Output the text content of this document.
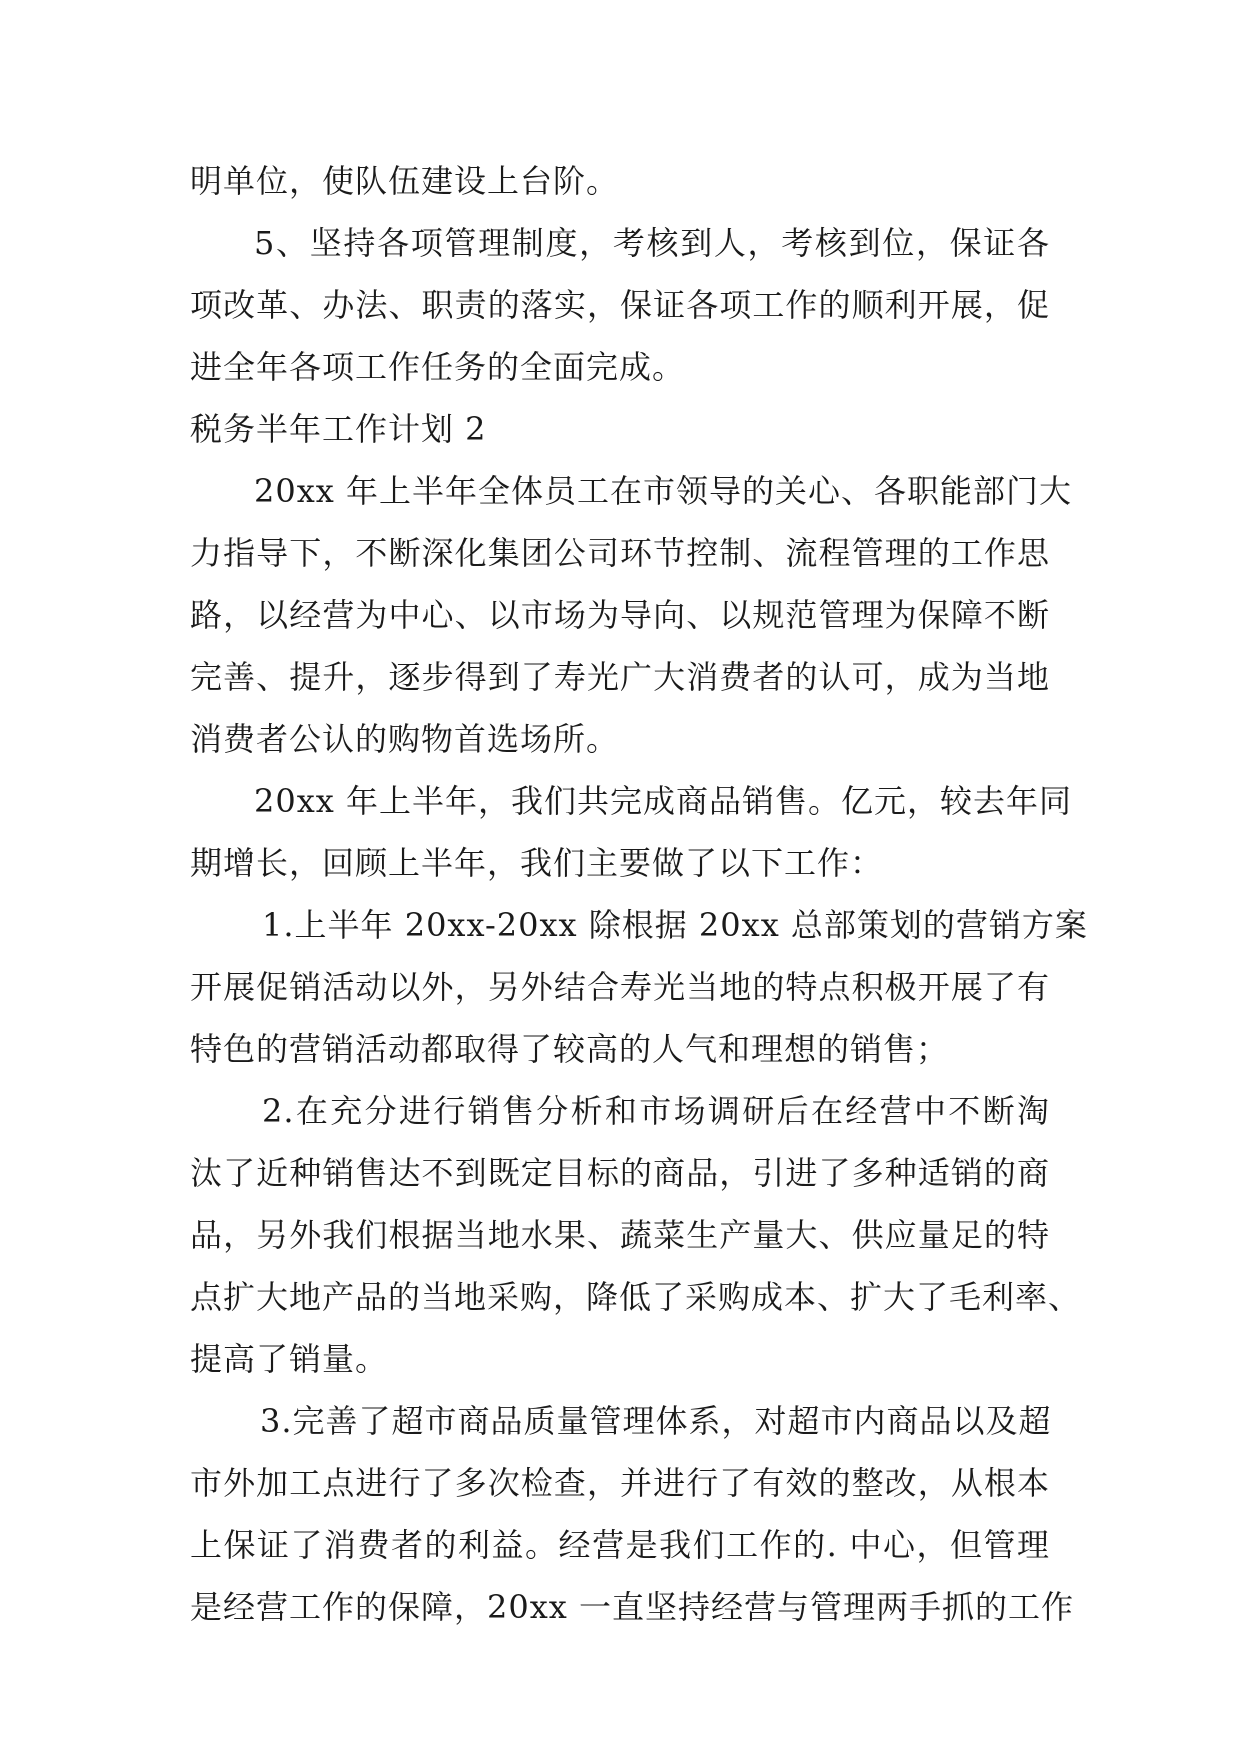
明单位，使队伍建设上台阶。
5、坚持各项管理制度，考核到人，考核到位，保证各
项改革、办法、职责的落实，保证各项工作的顺利开展，促
进全年各项工作任务的全面完成。
税务半年工作计划 2
20xx 年上半年全体员工在市领导的关心、各职能部门大
力指导下，不断深化集团公司环节控制、流程管理的工作思
路，以经营为中心、以市场为导向、以规范管理为保障不断
完善、提升，逐步得到了寿光广大消费者的认可，成为当地
消费者公认的购物首选场所。
20xx 年上半年，我们共完成商品销售。亿元，较去年同
期增长，回顾上半年，我们主要做了以下工作：
1.上半年 20xx-20xx 除根据 20xx 总部策划的营销方案
开展促销活动以外，另外结合寿光当地的特点积极开展了有
特色的营销活动都取得了较高的人气和理想的销售；
2.在充分进行销售分析和市场调研后在经营中不断淘
汰了近种销售达不到既定目标的商品，引进了多种适销的商
品，另外我们根据当地水果、蔬菜生产量大、供应量足的特
点扩大地产品的当地采购，降低了采购成本、扩大了毛利率、
提高了销量。
3.完善了超市商品质量管理体系，对超市内商品以及超
市外加工点进行了多次检查，并进行了有效的整改，从根本
上保证了消费者的利益。经营是我们工作的. 中心，但管理
是经营工作的保障，20xx 一直坚持经营与管理两手抓的工作
